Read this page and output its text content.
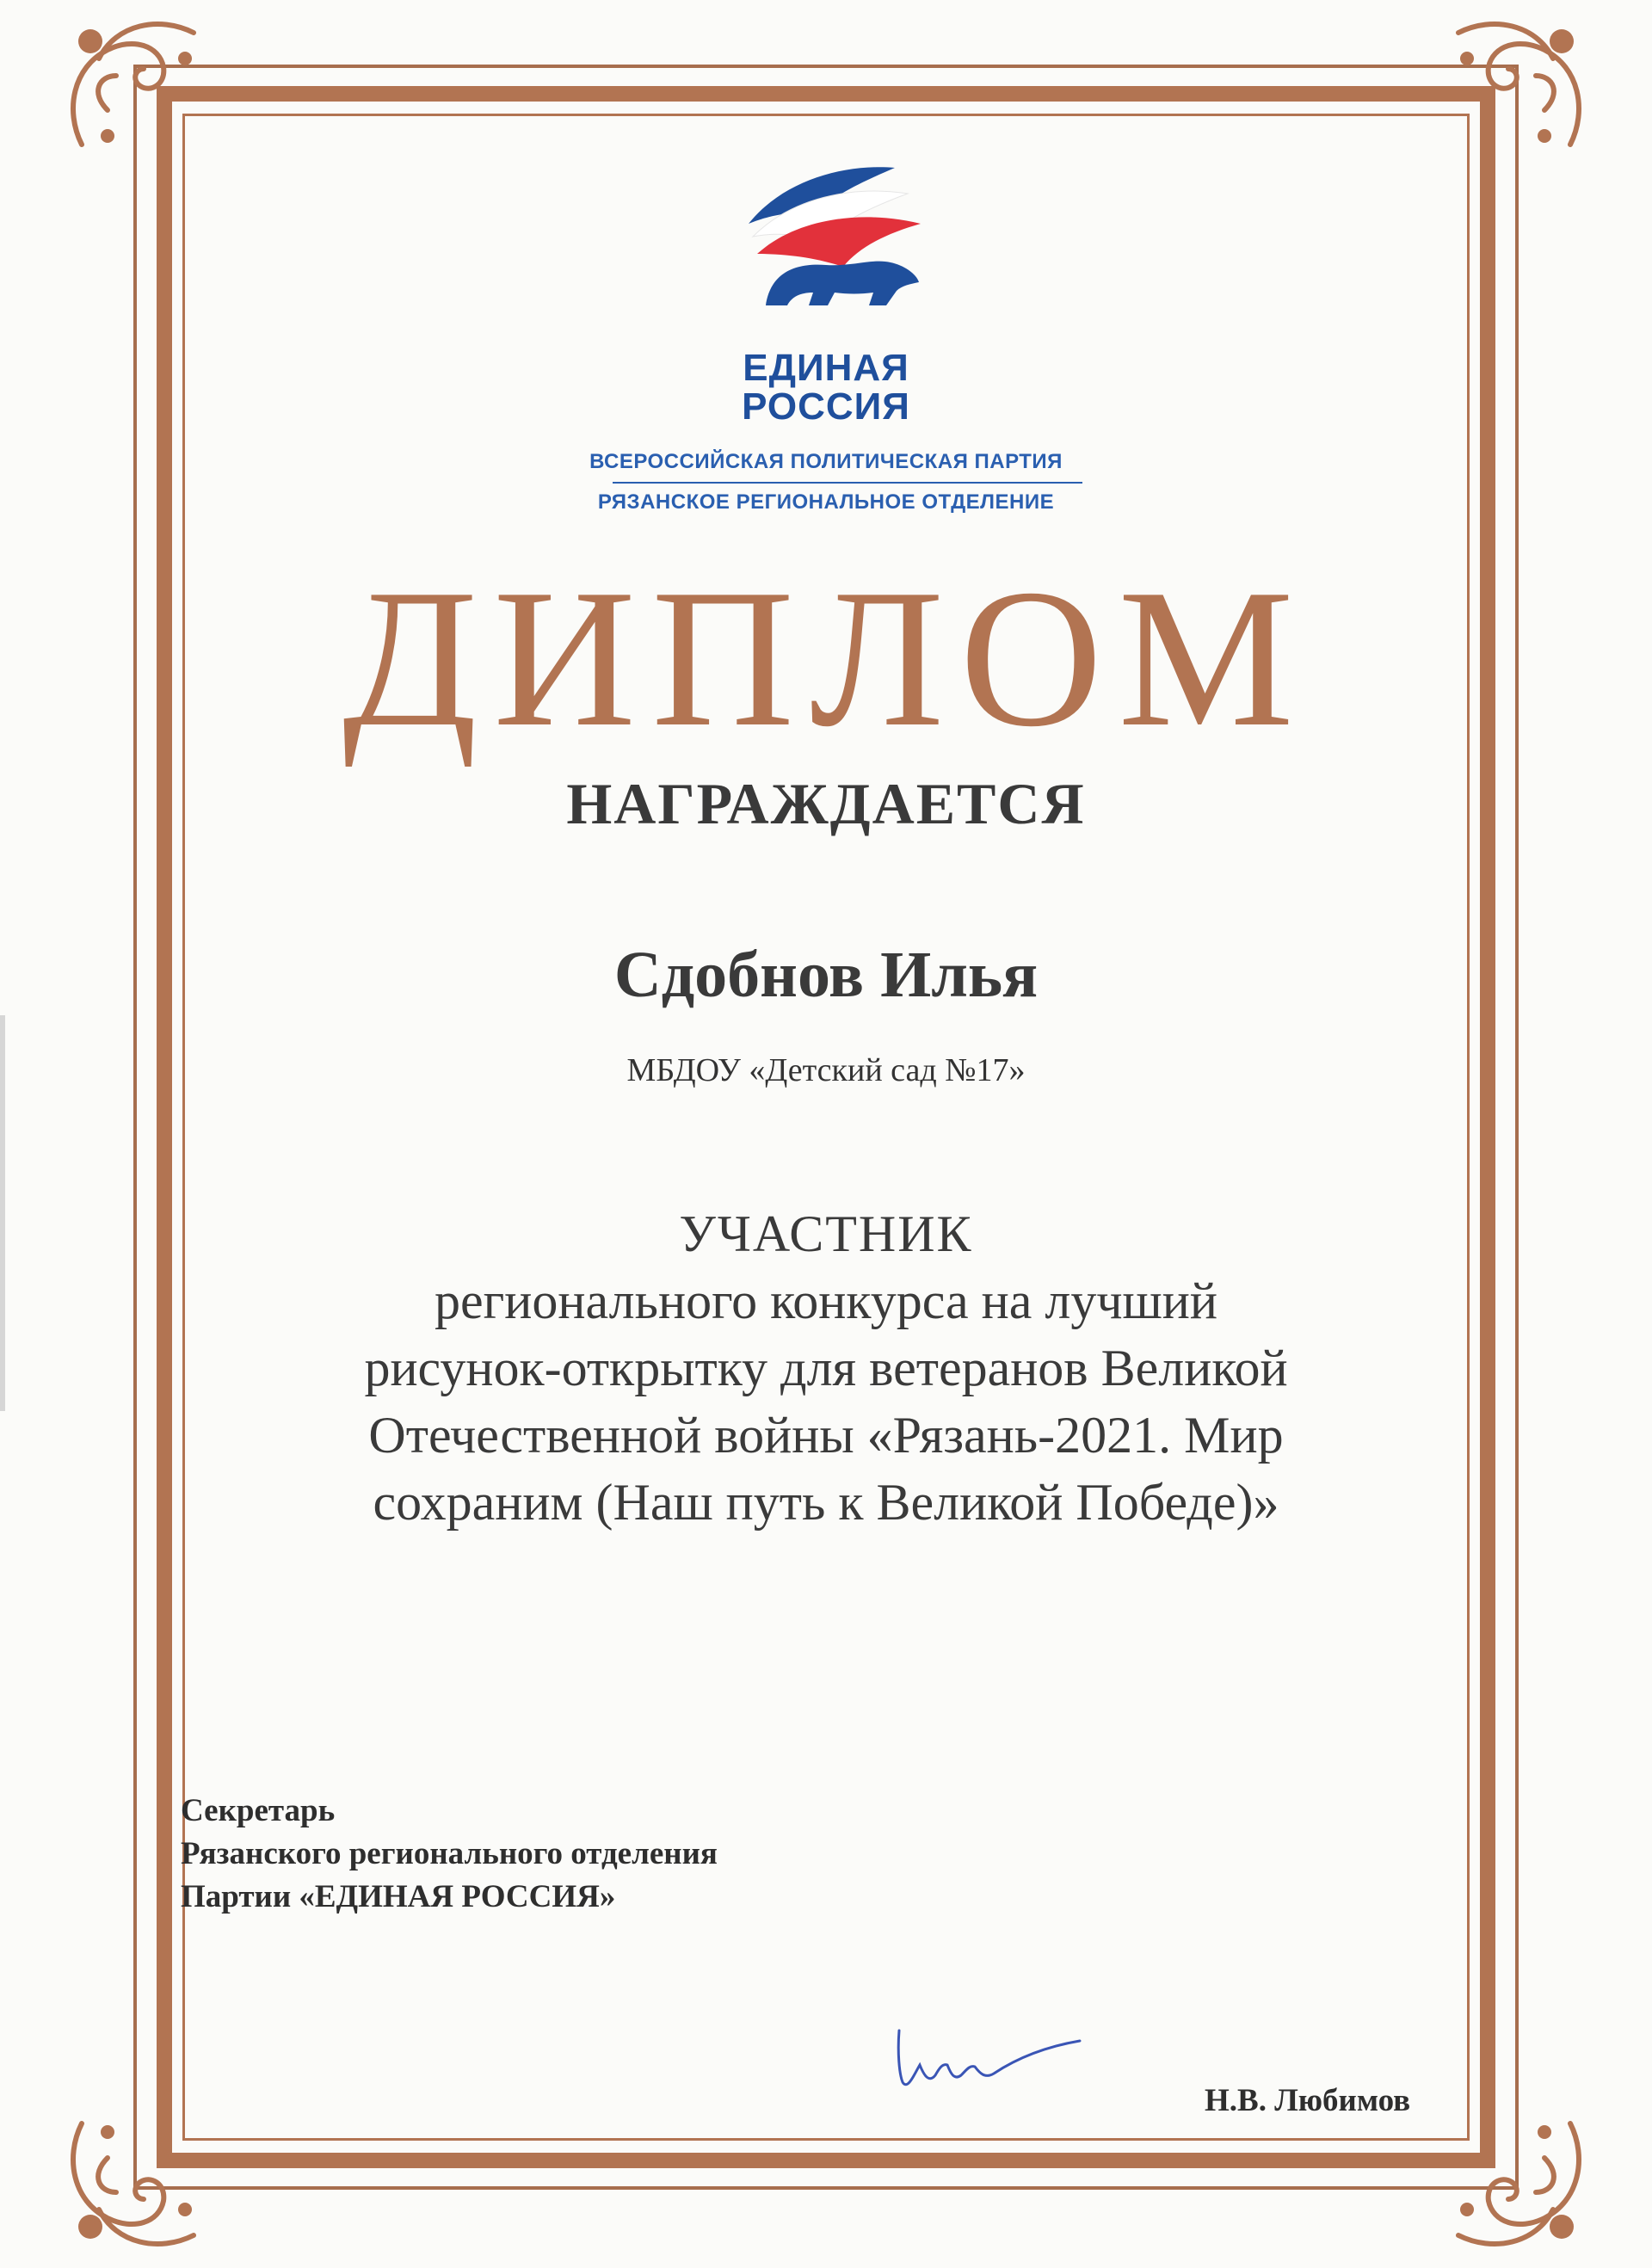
ЕДИНАЯ
РОССИЯ
ВСЕРОССИЙСКАЯ ПОЛИТИЧЕСКАЯ ПАРТИЯ
РЯЗАНСКОЕ РЕГИОНАЛЬНОЕ ОТДЕЛЕНИЕ
ДИПЛОМ
НАГРАЖДАЕТСЯ
Сдобнов Илья
МБДОУ «Детский сад №17»
УЧАСТНИК
регионального конкурса на лучший
рисунок-открытку для ветеранов Великой
Отечественной войны «Рязань-2021. Мир
сохраним (Наш путь к Великой Победе)»
Секретарь
Рязанского регионального отделения
Партии «ЕДИНАЯ РОССИЯ»
Н.В. Любимов
